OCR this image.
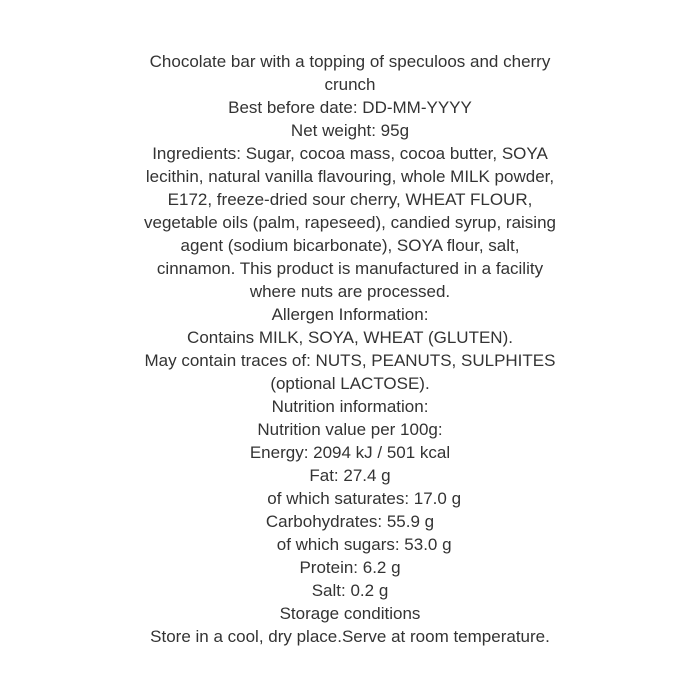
Chocolate bar with a topping of speculoos and cherry
crunch
Best before date: DD-MM-YYYY
Net weight: 95g
Ingredients: Sugar, cocoa mass, cocoa butter, SOYA
lecithin, natural vanilla flavouring, whole MILK powder,
E172, freeze-dried sour cherry, WHEAT FLOUR,
vegetable oils (palm, rapeseed), candied syrup, raising
agent (sodium bicarbonate), SOYA flour, salt,
cinnamon. This product is manufactured in a facility
where nuts are processed.
Allergen Information:
Contains MILK, SOYA, WHEAT (GLUTEN).
May contain traces of: NUTS, PEANUTS, SULPHITES
(optional LACTOSE).
Nutrition information:
Nutrition value per 100g:
Energy: 2094 kJ / 501 kcal
Fat: 27.4 g
of which saturates: 17.0 g
Carbohydrates: 55.9 g
of which sugars: 53.0 g
Protein: 6.2 g
Salt: 0.2 g
Storage conditions
Store in a cool, dry place.Serve at room temperature.
